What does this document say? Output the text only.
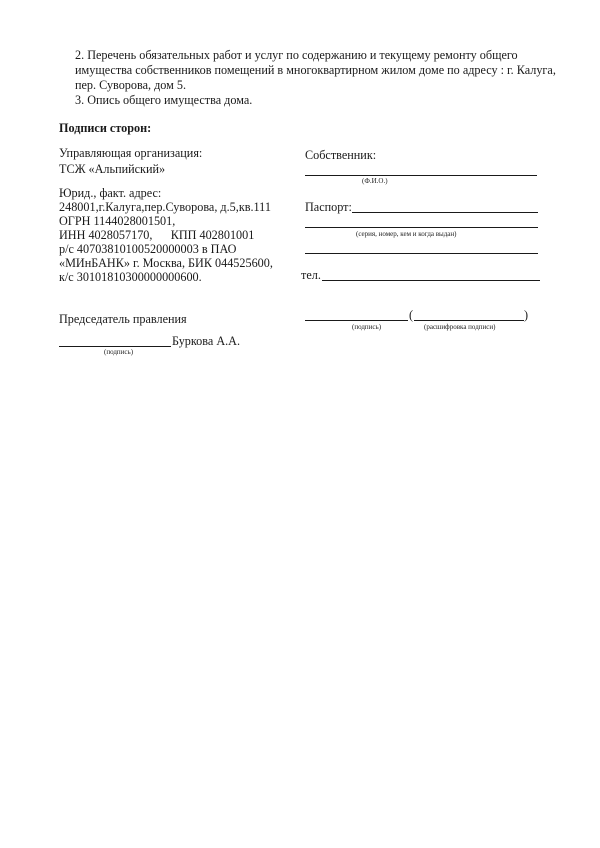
2. Перечень обязательных работ и услуг по содержанию и текущему ремонту общего
имущества собственников помещений в многоквартирном жилом доме по адресу : г. Калуга,
пер. Суворова, дом 5.
3. Опись общего имущества дома.
Подписи сторон:
Управляющая организация:
ТСЖ «Альпийский»
Юрид., факт. адрес:
248001,г.Калуга,пер.Суворова, д.5,кв.111
ОГРН 1144028001501,
ИНН 4028057170,      КПП 402801001
р/с 40703810100520000003 в ПАО
«МИнБАНК» г. Москва, БИК 044525600,
к/с 30101810300000000600.
Председатель правления
Буркова А.А.
(подпись)
Собственник:
(Ф.И.О.)
Паспорт:
(серия, номер, кем и когда выдан)
тел.
(	)
(подпись)	(расшифровка подписи)
